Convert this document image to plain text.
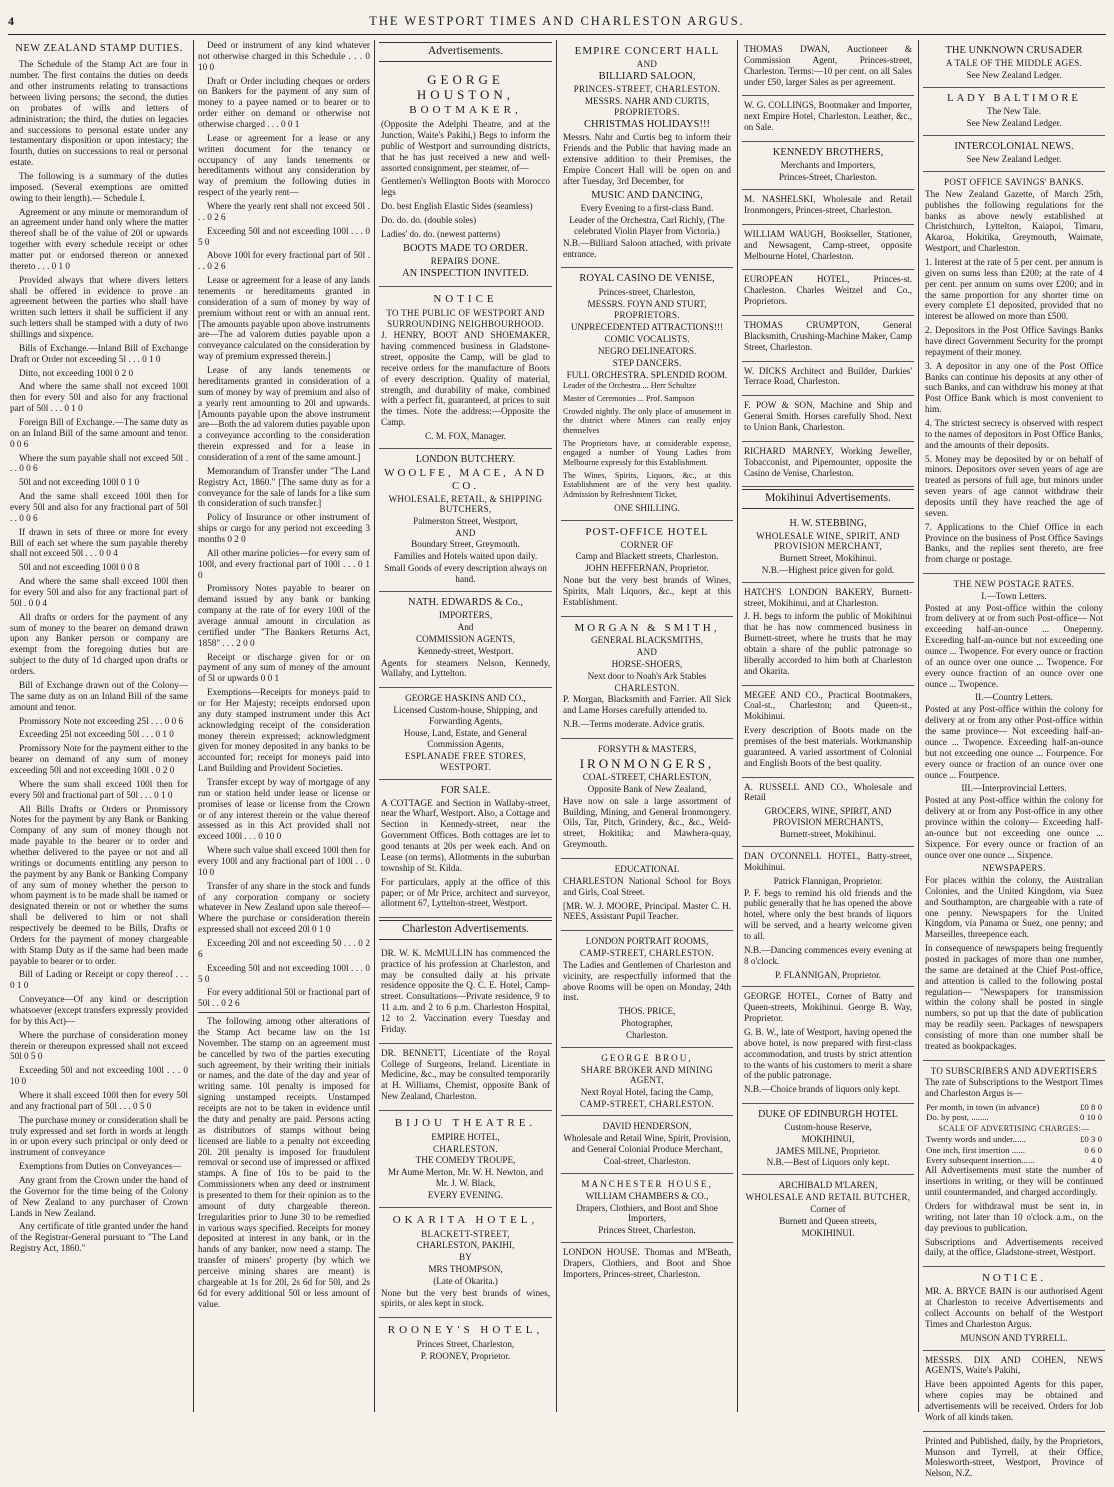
4	THE WESTPORT TIMES AND CHARLESTON ARGUS.
NEW ZEALAND STAMP DUTIES.

The Schedule of the Stamp Act are four in number. The first contains the duties on deeds and other instruments relating to transactions between living persons; the second, the duties on probates of wills and letters of administration; the third, the duties on legacies and successions to personal estate under any testamentary disposition or upon intestacy; the fourth, duties on successions to real or personal estate.

The following is a summary of the duties imposed. (Several exemptions are omitted owing to their length).— Schedule I.

Agreement or any minute or memorandum of an agreement under hand only where the matter thereof shall be of the value of 20l or upwards together with every schedule receipt or other matter put or endorsed thereon or annexed thereto . . . 0 1 0

Provided always that where divers letters shall be offered in evidence to prove an agreement between the parties who shall have written such letters it shall be sufficient if any such letters shall be stamped with a duty of two shillings and sixpence.

Bills of Exchange.—Inland Bill of Exchange Draft or Order not exceeding 5l . . . 0 1 0

Ditto, not exceeding 100l 0 2 0

And where the same shall not exceed 100l then for every 50l and also for any fractional part of 50l . . . 0 1 0

Foreign Bill of Exchange.—The same duty as on an Inland Bill of the same amount and tenor. 0 0 6

Where the sum payable shall not exceed 50l . . . 0 0 6

50l and not exceeding 100l 0 1 0

And the same shall exceed 100l then for every 50l and also for any fractional part of 50l . . 0 0 6

If drawn in sets of three or more for every Bill of each set where the sum payable thereby shall not exceed 50l . . . 0 0 4

50l and not exceeding 100l 0 0 8

And where the same shall exceed 100l then for every 50l and also for any fractional part of 50l . 0 0 4

All drafts or orders for the payment of any sum of money to the bearer on demand drawn upon any Banker person or company are exempt from the foregoing duties but are subject to the duty of 1d charged upon drafts or orders.

Bill of Exchange drawn out of the Colony—The same duty as on an Inland Bill of the same amount and tenor.

Promissory Note not exceeding 25l . . . 0 0 6

Exceeding 25l not exceeding 50l . . . 0 1 0

Promissory Note for the payment either to the bearer on demand of any sum of money exceeding 50l and not exceeding 100l . 0 2 0

Where the sum shall exceed 100l then for every 50l and fractional part of 50l . . . 0 1 0

All Bills Drafts or Orders or Promissory Notes for the payment by any Bank or Banking Company of any sum of money though not made payable to the bearer or to order and whether delivered to the payee or not and all writings or documents entitling any person to the payment by any Bank or Banking Company of any sum of money whether the person to whom payment is to be made shall be named or designated therein or not or whether the sums shall be delivered to him or not shall respectively be deemed to be Bills, Drafts or Orders for the payment of money chargeable with Stamp Duty as if the same had been made payable to bearer or to order.

Bill of Lading or Receipt or copy thereof . . . 0 1 0

Conveyance—Of any kind or description whatsoever (except transfers expressly provided for by this Act)—

Where the purchase of consideration money therein or thereupon expressed shall not exceed 50l 0 5 0

Exceeding 50l and not exceeding 100l . . . 0 10 0

Where it shall exceed 100l then for every 50l and any fractional part of 50l . . . 0 5 0

The purchase money or consideration shall be truly expressed and set forth in words at length in or upon every such principal or only deed or instrument of conveyance

Exemptions from Duties on Conveyances—

Any grant from the Crown under the hand of the Governor for the time being of the Colony of New Zealand to any purchaser of Crown Lands in New Zealand.

Any certificate of title granted under the hand of the Registrar-General pursuant to "The Land Registry Act, 1860."

Deed or instrument of any kind whatever not otherwise charged in this Schedule . . . 0 10 0

Draft or Order including cheques or orders on Bankers for the payment of any sum of money to a payee named or to bearer or to order either on demand or otherwise not otherwise charged . . . 0 0 1

Lease or agreement for a lease or any written document for the tenancy or occupancy of any lands tenements or hereditaments without any consideration by way of premium the following duties in respect of the yearly rent—

Where the yearly rent shall not exceed 50l . . . 0 2 6

Exceeding 50l and not exceeding 100l . . . 0 5 0

Above 100l for every fractional part of 50l . . . 0 2 6

Lease or agreement for a lease of any lands tenements or hereditaments granted in consideration of a sum of money by way of premium without rent or with an annual rent. [The amounts payable upon above instruments are—The ad valorem duties payable upon a conveyance calculated on the consideration by way of premium expressed therein.]

Lease of any lands tenements or hereditaments granted in consideration of a sum of money by way of premium and also of a yearly rent amounting to 20l and upwards. [Amounts payable upon the above instrument are—Both the ad valorem duties payable upon a conveyance according to the consideration therein expressed and for a lease in consideration of a rent of the same amount.]

Memorandum of Transfer under "The Land Registry Act, 1860." [The same duty as for a conveyance for the sale of lands for a like sum th consideration of such transfer.]

Policy of Insurance or other instrument of ships or cargo for any period not exceeding 3 months 0 2 0

All other marine policies—for every sum of 100l, and every fractional part of 100l . . . 0 1 0

Promissory Notes payable to bearer on demand issued by any bank or banking company at the rate of for every 100l of the average annual amount in circulation as certified under "The Bankers Returns Act, 1858" . . . 2 0 0

Receipt or discharge given for or on payment of any sum of money of the amount of 5l or upwards 0 0 1

Exemptions—Receipts for moneys paid to or for Her Majesty; receipts endorsed upon any duty stamped instrument under this Act acknowledging receipt of the consideration money therein expressed; acknowledgment given for money deposited in any banks to be accounted for; receipt for moneys paid into Land Building and Provident Societies.

Transfer except by way of mortgage of any run or station held under lease or license or promises of lease or license from the Crown or of any interest therein or the value thereof assessed as in this Act provided shall not exceed 100l . . . 0 10 0

Where such value shall exceed 100l then for every 100l and any fractional part of 100l . . 0 10 0

Transfer of any share in the stock and funds of any corporation company or society whatever in New Zealand upon sale thereof—Where the purchase or consideration therein expressed shall not exceed 20l 0 1 0

Exceeding 20l and not exceeding 50 . . . 0 2 6

Exceeding 50l and not exceeding 100l . . . 0 5 0

For every additional 50l or fractional part of 50l . . 0 2 6

The following among other alterations of the Stamp Act became law on the 1st November. The stamp on an agreement must be cancelled by two of the parties executing such agreement, by their writing their initials or names, and the date of the day and year of writing same. 10l penalty is imposed for signing unstamped receipts. Unstamped receipts are not to be taken in evidence until the duty and penalty are paid. Persons acting as distributors of stamps without being licensed are liable to a penalty not exceeding 20l. 20l penalty is imposed for fraudulent removal or second use of impressed or affixed stamps. A fine of 10s to be paid to the Commissioners when any deed or instrument is presented to them for their opinion as to the amount of duty chargeable thereon. Irregularities prior to June 30 to be remedied in various ways specified. Receipts for money deposited at interest in any bank, or in the hands of any banker, now need a stamp. The transfer of miners' property (by which we perceive mining shares are meant) is chargeable at 1s for 20l, 2s 6d for 50l, and 2s 6d for every additional 50l or less amount of value.

Advertisements.
GEORGE HOUSTON,
BOOTMAKER,

(Opposite the Adelphi Theatre, and at the Junction, Waite's Pakihi,) Begs to inform the public of Westport and surrounding districts, that he has just received a new and well-assorted consignment, per steamer, of—

Gentlemen's Wellington Boots with Morocco legs

Do. best English Elastic Sides (seamless)

Do. do. do. (double soles)

Ladies' do. do. (newest patterns)

BOOTS MADE TO ORDER.

REPAIRS DONE.

AN INSPECTION INVITED.

NOTICE
TO THE PUBLIC OF WESTPORT AND SURROUNDING NEIGHBOURHOOD.

J. HENRY, BOOT AND SHOEMAKER, having commenced business in Gladstone-street, opposite the Camp, will be glad to receive orders for the manufacture of Boots of every description. Quality of material, strength, and durability of make, combined with a perfect fit, guaranteed, at prices to suit the times. Note the address:—Opposite the Camp.

C. M. FOX, Manager.

LONDON BUTCHERY.

WOOLFE, MACE, AND CO.

WHOLESALE, RETAIL, & SHIPPING BUTCHERS,

Palmerston Street, Westport,

AND

Boundary Street, Greymouth.

Families and Hotels waited upon daily.

Small Goods of every description always on hand.

NATH. EDWARDS & Co.,

IMPORTERS,

And

COMMISSION AGENTS,

Kennedy-street, Westport.

Agents for steamers Nelson, Kennedy, Wallaby, and Lyttelton.

GEORGE HASKINS AND CO.,

Licensed Custom-house, Shipping, and Forwarding Agents,

House, Land, Estate, and General Commission Agents,

ESPLANADE FREE STORES,

WESTPORT.

FOR SALE.

A COTTAGE and Section in Wallaby-street, near the Wharf, Westport. Also, a Cottage and Section in Kennedy-street, near the Government Offices. Both cottages are let to good tenants at 20s per week each. And on Lease (on terms), Allotments in the suburban township of St. Kilda.

For particulars, apply at the office of this paper; or of Mr Price, architect and surveyor, allotment 67, Lyttelton-street, Westport.

Charleston Advertisements.

DR. W. K. McMULLIN has commenced the practice of his profession at Charleston, and may be consulted daily at his private residence opposite the Q. C. E. Hotel, Camp-street. Consultations—Private residence, 9 to 11 a.m. and 2 to 6 p.m. Charleston Hospital, 12 to 2. Vaccination every Tuesday and Friday.

DR. BENNETT, Licentiate of the Royal College of Surgeons, Ireland. Licentiate in Medicine, &c., may be consulted temporarily at H. Williams, Chemist, opposite Bank of New Zealand, Charleston.

BIJOU THEATRE.

EMPIRE HOTEL,

CHARLESTON.

THE COMEDY TROUPE,

Mr Aume Merton, Mr. W. H. Newton, and Mr. J. W. Black,

EVERY EVENING.

OKARITA HOTEL,

BLACKETT-STREET,

CHARLESTON, PAKIHI,

BY

MRS THOMPSON,

(Late of Okarita.)

None but the very best brands of wines, spirits, or ales kept in stock.

ROONEY'S HOTEL,

Princes Street, Charleston,

P. ROONEY, Proprietor.

EMPIRE CONCERT HALL

AND

BILLIARD SALOON,

PRINCES-STREET, CHARLESTON.

MESSRS. NAHR AND CURTIS,

PROPRIETORS.

CHRISTMAS HOLIDAYS!!!

Messrs. Nahr and Curtis beg to inform their Friends and the Public that having made an extensive addition to their Premises, the Empire Concert Hall will be open on and after Tuesday, 3rd December, for

MUSIC AND DANCING,

Every Evening to a first-class Band.

Leader of the Orchestra, Carl Richly, (The celebrated Violin Player from Victoria.)

N.B.—Billiard Saloon attached, with private entrance.

ROYAL CASINO DE VENISE,

Princes-street, Charleston,

MESSRS. FOYN AND STURT,

PROPRIETORS.

UNPRECEDENTED ATTRACTIONS!!!

COMIC VOCALISTS.

NEGRO DELINEATORS.

STEP DANCERS.

FULL ORCHESTRA. SPLENDID ROOM.

Leader of the Orchestra ... Herr Schultze

Master of Ceremonies ... Prof. Sampson

Crowded nightly. The only place of amusement in the district where Miners can really enjoy themselves

The Proprietors have, at considerable expense, engaged a number of Young Ladies from Melbourne expressly for this Establishment.

The Wines, Spirits, Liquors, &c., at this Establishment are of the very best quality. Admission by Refreshment Ticket,

ONE SHILLING.

POST-OFFICE HOTEL

CORNER OF

Camp and Blackett streets, Charleston.

JOHN HEFFERNAN, Proprietor.

None but the very best brands of Wines, Spirits, Malt Liquors, &c., kept at this Establishment.

MORGAN & SMITH,

GENERAL BLACKSMITHS,

AND

HORSE-SHOERS,

Next door to Noah's Ark Stables

CHARLESTON.

P. Morgan, Blacksmith and Farrier. All Sick and Lame Horses carefully attended to.

N.B.—Terms moderate. Advice gratis.

FORSYTH & MASTERS,

IRONMONGERS,

COAL-STREET, CHARLESTON,

Opposite Bank of New Zealand,

Have now on sale a large assortment of Building, Mining, and General Ironmongery. Oils, Tar, Pitch, Grindery, &c., &c., Weld-street, Hokitika; and Mawhera-quay, Greymouth.

EDUCATIONAL

CHARLESTON National School for Boys and Girls, Coal Street.

[MR. W. J. MOORE, Principal. Master C. H. NEES, Assistant Pupil Teacher.

LONDON PORTRAIT ROOMS,

CAMP-STREET, CHARLESTON.

The Ladies and Gentlemen of Charleston and vicinity, are respectfully informed that the above Rooms will be open on Monday, 24th inst.

THOS. PRICE,

Photographer,

Charleston.

GEORGE BROU,

SHARE BROKER AND MINING AGENT,

Next Royal Hotel, facing the Camp,

CAMP-STREET, CHARLESTON.

DAVID HENDERSON,

Wholesale and Retail Wine, Spirit, Provision, and General Colonial Produce Merchant,

Coal-street, Charleston.

MANCHESTER HOUSE,

WILLIAM CHAMBERS & CO.,

Drapers, Clothiers, and Boot and Shoe Importers,

Princes Street, Charleston.

LONDON HOUSE. Thomas and M'Beath, Drapers, Clothiers, and Boot and Shoe Importers, Princes-street, Charleston.

THOMAS DWAN, Auctioneer & Commission Agent, Princes-street, Charleston. Terms:—10 per cent. on all Sales under £50, larger Sales as per agreement.

W. G. COLLINGS, Bootmaker and Importer, next Empire Hotel, Charleston. Leather, &c., on Sale.

KENNEDY BROTHERS,

Merchants and Importers,

Princes-Street, Charleston.

M. NASHELSKI, Wholesale and Retail Ironmongers, Princes-street, Charleston.

WILLIAM WAUGH, Bookseller, Stationer, and Newsagent, Camp-street, opposite Melbourne Hotel, Charleston.

EUROPEAN HOTEL, Princes-st. Charleston. Charles Weitzel and Co., Proprietors.

THOMAS CRUMPTON, General Blacksmith, Crushing-Machine Maker, Camp Street, Charleston.

W. DICKS Architect and Builder, Darkies' Terrace Road, Charleston.

F. POW & SON, Machine and Ship and General Smith. Horses carefully Shod. Next to Union Bank, Charleston.

RICHARD MARNEY, Working Jeweller, Tobacconist, and Pipemounter, opposite the Casino de Venise, Charleston.

Mokihinui Advertisements.

H. W. STEBBING,

WHOLESALE WINE, SPIRIT, AND PROVISION MERCHANT,

Burnett Street, Mokihinui.

N.B.—Highest price given for gold.

HATCH'S LONDON BAKERY, Burnett-street, Mokihinui, and at Charleston.

J. H. begs to inform the public of Mokihinui that he has now commenced business in Burnett-street, where he trusts that he may obtain a share of the public patronage so liberally accorded to him both at Charleston and Okarita.

MEGEE AND CO., Practical Bootmakers, Coal-st., Charleston; and Queen-st., Mokihinui.

Every description of Boots made on the premises of the best materials. Workmanship guaranteed. A varied assortment of Colonial and English Boots of the best quality.

A. RUSSELL AND CO., Wholesale and Retail

GROCERS, WINE, SPIRIT, AND PROVISION MERCHANTS,

Burnett-street, Mokihinui.

DAN O'CONNELL HOTEL, Batty-street, Mokihinui.

Patrick Flannigan, Proprietor.

P. F. begs to remind his old friends and the public generally that he has opened the above hotel, where only the best brands of liquors will be served, and a hearty welcome given to all.

N.B.—Dancing commences every evening at 8 o'clock.

P. FLANNIGAN, Proprietor.

GEORGE HOTEL, Corner of Batty and Queen-streets, Mokihinui. George B. Way, Proprietor.

G. B. W., late of Westport, having opened the above hotel, is now prepared with first-class accommodation, and trusts by strict attention to the wants of his customers to merit a share of the public patronage.

N.B.—Choice brands of liquors only kept.

DUKE OF EDINBURGH HOTEL

Custom-house Reserve,

MOKIHINUI,

JAMES MILNE, Proprietor.

N.B.—Best of Liquors only kept.

ARCHIBALD M'LAREN,

WHOLESALE AND RETAIL BUTCHER,

Corner of

Burnett and Queen streets,

MOKIHINUI.

THE UNKNOWN CRUSADER

A TALE OF THE MIDDLE AGES.

See New Zealand Ledger.

LADY BALTIMORE

The New Tale.

See New Zealand Ledger.

INTERCOLONIAL NEWS.

See New Zealand Ledger.

POST OFFICE SAVINGS' BANKS.

The New Zealand Gazette, of March 25th, publishes the following regulations for the banks as above newly established at Christchurch, Lyttelton, Kaiapoi, Timaru, Akaroa, Hokitika, Greymouth, Waimate, Westport, and Charleston.

1. Interest at the rate of 5 per cent. per annum is given on sums less than £200; at the rate of 4 per cent. per annum on sums over £200; and in the same proportion for any shorter time on every complete £1 deposited, provided that no interest be allowed on more than £500.

2. Depositors in the Post Office Savings Banks have direct Government Security for the prompt repayment of their money.

3. A depositor in any one of the Post Office Banks can continue his deposits at any other of such Banks, and can withdraw his money at that Post Office Bank which is most convenient to him.

4. The strictest secrecy is observed with respect to the names of depositors in Post Office Banks, and the amounts of their deposits.

5. Money may be deposited by or on behalf of minors. Depositors over seven years of age are treated as persons of full age, but minors under seven years of age cannot withdraw their deposits until they have reached the age of seven.

7. Applications to the Chief Office in each Province on the business of Post Office Savings Banks, and the replies sent thereto, are free from charge or postage.

THE NEW POSTAGE RATES.

I.—Town Letters.

Posted at any Post-office within the colony from delivery at or from such Post-office— Not exceeding half-an-ounce ... Onepenny. Exceeding half-an-ounce but not exceeding one ounce ... Twopence. For every ounce or fraction of an ounce over one ounce ... Twopence. For every ounce fraction of an ounce over one ounce ... Twopence.

II.—Country Letters.

Posted at any Post-office within the colony for delivery at or from any other Post-office within the same province— Not exceeding half-an-ounce ... Twopence. Exceeding half-an-ounce but not exceeding one ounce ... Fourpence. For every ounce or fraction of an ounce over one ounce ... Fourpence.

III.—Interprovincial Letters.

Posted at any Post-office within the colony for delivery at or from any Post-office in any other province within the colony— Exceeding half-an-ounce but not exceeding one ounce ... Sixpence. For every ounce or fraction of an ounce over one ounce ... Sixpence.

NEWSPAPERS.

For places within the colony, the Australian Colonies, and the United Kingdom, via Suez and Southampton, are chargeable with a rate of one penny. Newspapers for the United Kingdom, via Panama or Suez, one penny; and Marseilles, threepence each.

In consequence of newspapers being frequently posted in packages of more than one number, the same are detained at the Chief Post-office, and attention is called to the following postal regulation— "Newspapers for transmission within the colony shall be posted in single numbers, so put up that the date of publication may be readily seen. Packages of newspapers consisting of more than one number shall be treated as bookpackages.

TO SUBSCRIBERS AND ADVERTISERS

The rate of Subscriptions to the Westport Times and Charleston Argus is—

Per month, in town (in advance)	£0 8 0
Do. by post, ........	0 10 0

SCALE OF ADVERTISING CHARGES:—

Twenty words and under......	£0 3 0
One inch, first insertion ......	0 6 0
Every subsequent insertion......	4 0

All Advertisements must state the number of insertions in writing, or they will be continued until countermanded, and charged accordingly.

Orders for withdrawal must be sent in, in writing, not later than 10 o'clock a.m., on the day previous to publication.

Subscriptions and Advertisements received daily, at the office, Gladstone-street, Westport.

NOTICE.

MR. A. BRYCE BAIN is our authorised Agent at Charleston to receive Advertisements and collect Accounts on behalf of the Westport Times and Charleston Argus.

MUNSON AND TYRRELL.

MESSRS. DIX AND COHEN, NEWS AGENTS, Waite's Pakihi,

Have been appointed Agents for this paper, where copies may be obtained and advertisements will be received. Orders for Job Work of all kinds taken.

Printed and Published, daily, by the Proprietors, Munson and Tyrrell, at their Office, Molesworth-street, Westport, Province of Nelson, N.Z.
